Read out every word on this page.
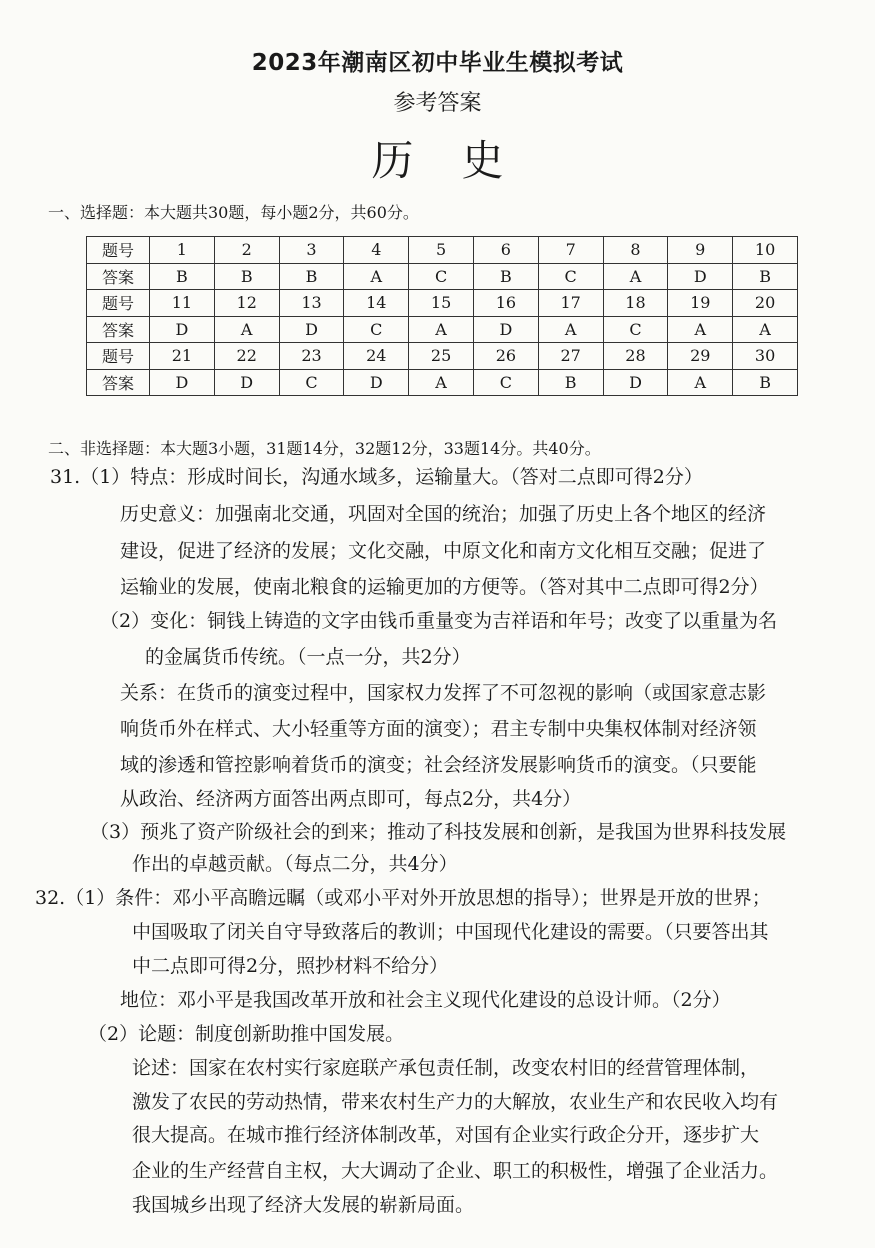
2023年潮南区初中毕业生模拟考试
参考答案
历史
一、选择题：本大题共30题，每小题2分，共60分。
题号	1	2	3	4	5	6	7	8	9	10
答案	B	B	B	A	C	B	C	A	D	B
题号	11	12	13	14	15	16	17	18	19	20
答案	D	A	D	C	A	D	A	C	A	A
题号	21	22	23	24	25	26	27	28	29	30
答案	D	D	C	D	A	C	B	D	A	B
二、非选择题：本大题3小题，31题14分，32题12分，33题14分。共40分。
31.（1）特点：形成时间长，沟通水域多，运输量大。（答对二点即可得2分）
历史意义：加强南北交通，巩固对全国的统治；加强了历史上各个地区的经济
建设，促进了经济的发展；文化交融，中原文化和南方文化相互交融；促进了
运输业的发展，使南北粮食的运输更加的方便等。（答对其中二点即可得2分）
（2）变化：铜钱上铸造的文字由钱币重量变为吉祥语和年号；改变了以重量为名
的金属货币传统。（一点一分，共2分）
关系：在货币的演变过程中，国家权力发挥了不可忽视的影响（或国家意志影
响货币外在样式、大小轻重等方面的演变）；君主专制中央集权体制对经济领
域的渗透和管控影响着货币的演变；社会经济发展影响货币的演变。（只要能
从政治、经济两方面答出两点即可，每点2分，共4分）
（3）预兆了资产阶级社会的到来；推动了科技发展和创新，是我国为世界科技发展
作出的卓越贡献。（每点二分，共4分）
32.（1）条件：邓小平高瞻远瞩（或邓小平对外开放思想的指导）；世界是开放的世界；
中国吸取了闭关自守导致落后的教训；中国现代化建设的需要。（只要答出其
中二点即可得2分，照抄材料不给分）
地位：邓小平是我国改革开放和社会主义现代化建设的总设计师。（2分）
（2）论题：制度创新助推中国发展。
论述：国家在农村实行家庭联产承包责任制，改变农村旧的经营管理体制，
激发了农民的劳动热情，带来农村生产力的大解放，农业生产和农民收入均有
很大提高。在城市推行经济体制改革，对国有企业实行政企分开，逐步扩大
企业的生产经营自主权，大大调动了企业、职工的积极性，增强了企业活力。
我国城乡出现了经济大发展的崭新局面。
